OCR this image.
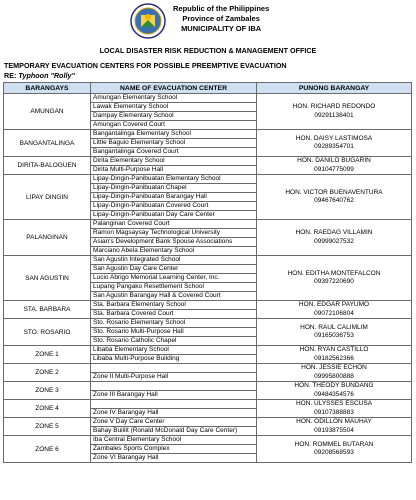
Republic of the Philippines
Province of Zambales
MUNICIPALITY OF IBA
LOCAL DISASTER RISK REDUCTION & MANAGEMENT OFFICE
TEMPORARY EVACUATION CENTERS FOR POSSIBLE PREEMPTIVE EVACUATION
RE: Typhoon "Rolly"
BARANGAYS	NAME OF EVACUATION CENTER	PUNONG BARANGAY
AMUNGAN	Amungan Elementary School	HON. RICHARD REDONDO
09291138401

	Lawak Elementary School	
	Dampay Elementary School	
	Amungan Covered Court	
BANGANTALINGA	Bangantalinga Elementary School	HON. DAISY LASTIMOSA
09289354701

	Little Baguio Elementary School	
	Bangantalinga Covered Court	
DIRITA-BALOGUEN	Dirita Elementary School	HON. DANILO BUGARIN
09104775099

	Dirita Multi-Purpose Hall	
LIPAY DINGIN	Lipay-Dingin-Panibuatan Elementary School	HON. VICTOR BUENAVENTURA
09467640762

	Lipay-Dingin-Panibuatan Chapel	
	Lipay-Dingin-Panibuatan Barangay Hall	
	Lipay-Dingin-Panibuatan Covered Court	
	Lipay-Dingin-Panibuatan Day Care Center	
PALANGINAN	Palanginan Covered Court	HON. RAEDAG VILLAMIN
09999027532

	Ramon Magsaysay Technological University	
	Asian's Development Bank Spouse Associations	
	Marciano Abela Elementary School	
SAN AGUSTIN	San Agustin Integrated School	HON. EDITHA MONTEFALCON
09397220690

	San Agustin Day Care Center	
	Lucio Abrigo Memorial Learning Center, Inc.	
	Lupang Pangako Resettlement School	
	San Agustin Barangay Hall & Covered Court	
STA. BARBARA	Sta. Barbara Elementary School	HON. EDGAR PAYUMO
09072106804

	Sta. Barbara Covered Court	
STO. ROSARIO	Sto. Rosario Elementary School	HON. RAUL CALIMLIM
09165036753

	Sto. Rosario Multi-Purpose Hall	
	Sto. Rosario Catholic Chapel	
ZONE 1	Libaba Elementary School	HON. RYAN CASTILLO
09182562366

	Libaba Multi-Purpose Building	
ZONE 2		HON. JESSIE ECHON
09995800888

	Zone II Multi-Purpose Hall	
ZONE 3		HON. THEODY BUNDANG
09484354576

	Zone III Barangay Hall	
ZONE 4		HON. ULYSSES ESCUSA
09107388883

	Zone IV Barangay Hall	
ZONE 5	Zone V Day Care Center	HON. ODILLON MAUHAY
09193875504

	Bahay Bulilit (Ronald McDonald Day Care Center)	
ZONE 6	Iba Central Elementary School	HON. ROMMEL BUTARAN
09208568593

	Zambales Sports Complex	
	Zone VI Barangay Hall	
